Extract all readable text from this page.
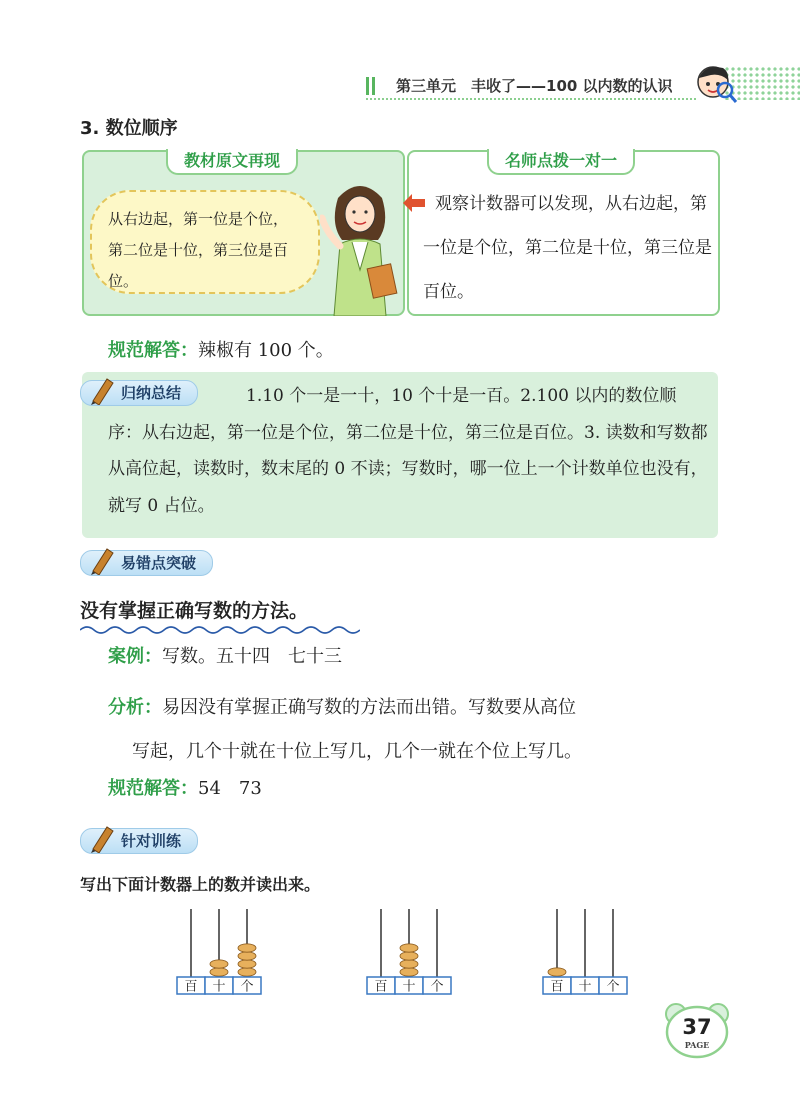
第三单元　丰收了——100 以内数的认识
3. 数位顺序
教材原文再现
从右边起，第一位是个位，第二位是十位，第三位是百位。
名师点拨一对一
观察计数器可以发现，从右边起，第一位是个位，第二位是十位，第三位是百位。
规范解答：辣椒有 100 个。
1.10 个一是一十，10 个十是一百。2.100 以内的数位顺序：从右边起，第一位是个位，第二位是十位，第三位是百位。3. 读数和写数都从高位起，读数时，数末尾的 0 不读；写数时，哪一位上一个计数单位也没有，就写 0 占位。
归纳总结
易错点突破
没有掌握正确写数的方法。
案例：写数。五十四　七十三
分析：易因没有掌握正确写数的方法而出错。写数要从高位
写起，几个十就在十位上写几，几个一就在个位上写几。
规范解答：54　73
针对训练
写出下面计数器上的数并读出来。
百 十 个	百 十 个	百 十 个
37
PAGE
